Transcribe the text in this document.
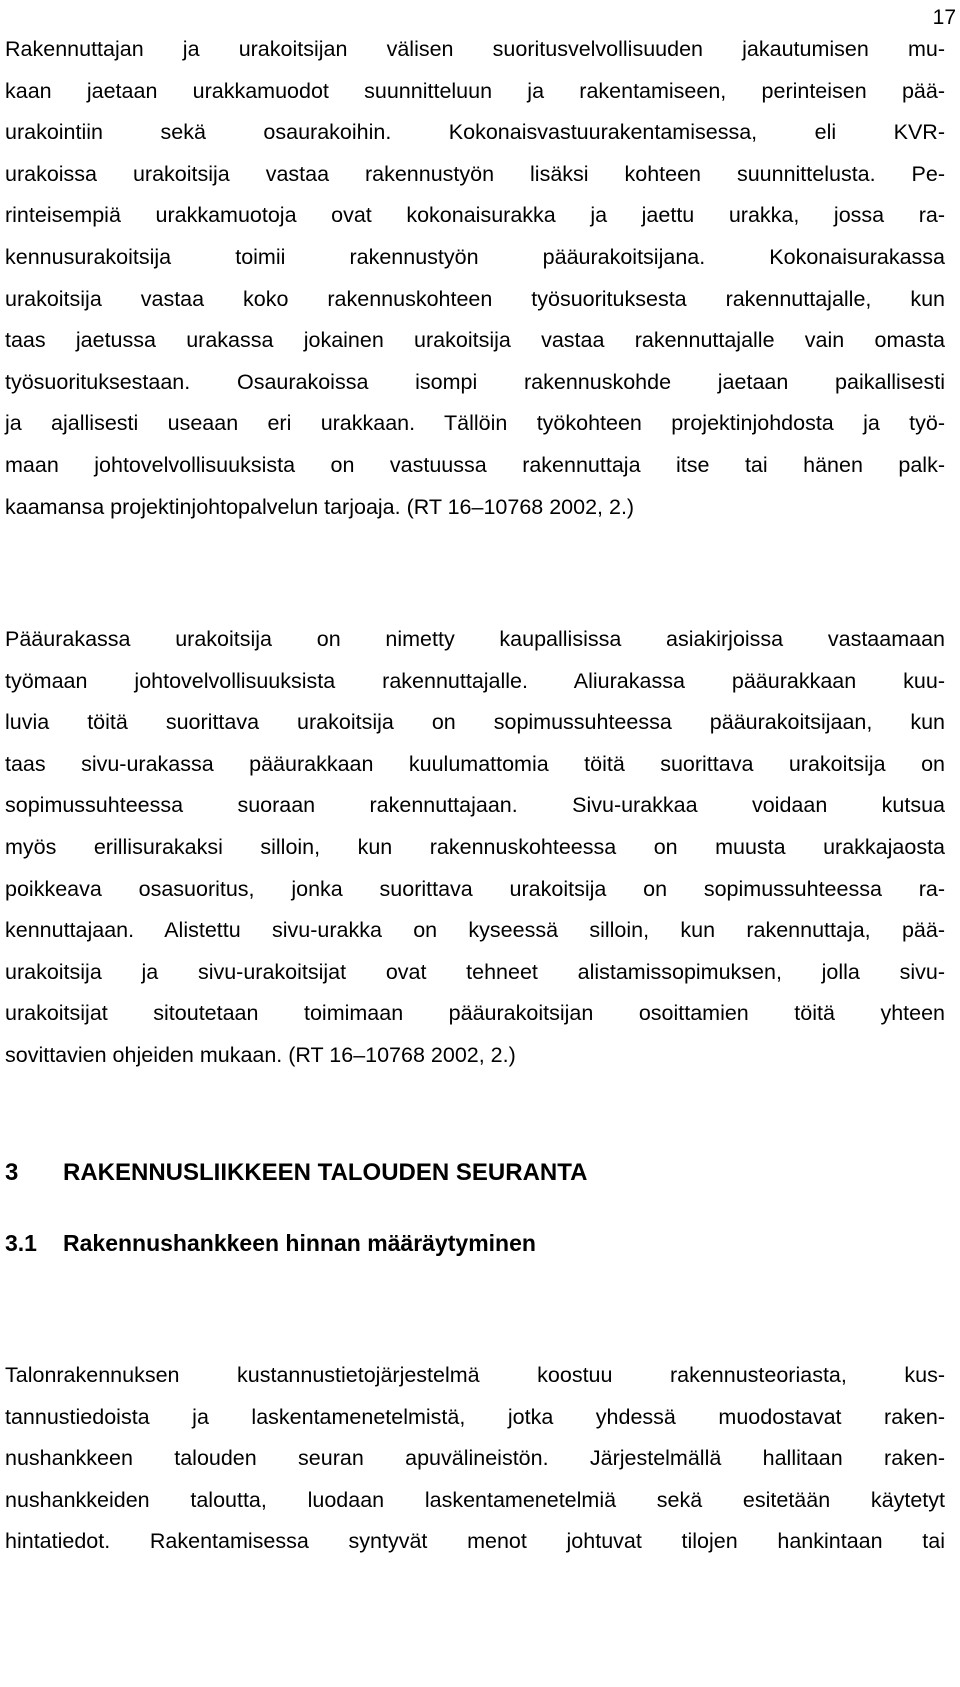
17
Rakennuttajan ja urakoitsijan välisen suoritusvelvollisuuden jakautumisen mu-
kaan jaetaan urakkamuodot suunnitteluun ja rakentamiseen, perinteisen pää-
urakointiin sekä osaurakoihin. Kokonaisvastuurakentamisessa, eli KVR-
urakoissa urakoitsija vastaa rakennustyön lisäksi kohteen suunnittelusta. Pe-
rinteisempiä urakkamuotoja ovat kokonaisurakka ja jaettu urakka, jossa ra-
kennusurakoitsija toimii rakennustyön pääurakoitsijana. Kokonaisurakassa
urakoitsija vastaa koko rakennuskohteen työsuorituksesta rakennuttajalle, kun
taas jaetussa urakassa jokainen urakoitsija vastaa rakennuttajalle vain omasta
työsuorituksestaan. Osaurakoissa isompi rakennuskohde jaetaan paikallisesti
ja ajallisesti useaan eri urakkaan. Tällöin työkohteen projektinjohdosta ja työ-
maan johtovelvollisuuksista on vastuussa rakennuttaja itse tai hänen palk-
kaamansa projektinjohtopalvelun tarjoaja. (RT 16–10768 2002, 2.)
Pääurakassa urakoitsija on nimetty kaupallisissa asiakirjoissa vastaamaan
työmaan johtovelvollisuuksista rakennuttajalle. Aliurakassa pääurakkaan kuu-
luvia töitä suorittava urakoitsija on sopimussuhteessa pääurakoitsijaan, kun
taas sivu-urakassa pääurakkaan kuulumattomia töitä suorittava urakoitsija on
sopimussuhteessa suoraan rakennuttajaan. Sivu-urakkaa voidaan kutsua
myös erillisurakaksi silloin, kun rakennuskohteessa on muusta urakkajaosta
poikkeava osasuoritus, jonka suorittava urakoitsija on sopimussuhteessa ra-
kennuttajaan. Alistettu sivu-urakka on kyseessä silloin, kun rakennuttaja, pää-
urakoitsija ja sivu-urakoitsijat ovat tehneet alistamissopimuksen, jolla sivu-
urakoitsijat sitoutetaan toimimaan pääurakoitsijan osoittamien töitä yhteen
sovittavien ohjeiden mukaan. (RT 16–10768 2002, 2.)
3 RAKENNUSLIIKKEEN TALOUDEN SEURANTA
3.1 Rakennushankkeen hinnan määräytyminen
Talonrakennuksen kustannustietojärjestelmä koostuu rakennusteoriasta, kus-
tannustiedoista ja laskentamenetelmistä, jotka yhdessä muodostavat raken-
nushankkeen talouden seuran apuvälineistön. Järjestelmällä hallitaan raken-
nushankkeiden taloutta, luodaan laskentamenetelmiä sekä esitetään käytetyt
hintatiedot. Rakentamisessa syntyvät menot johtuvat tilojen hankintaan tai
